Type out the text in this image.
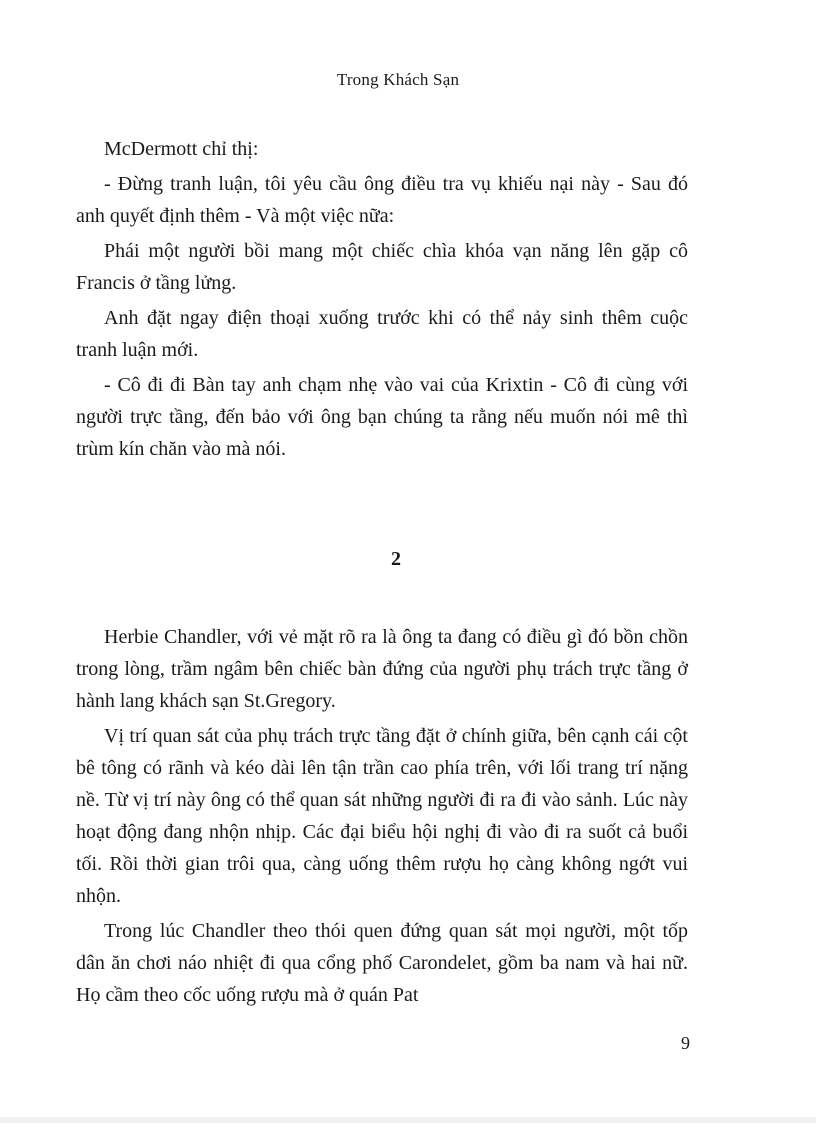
Trong Khách Sạn

McDermott chỉ thị:

- Đừng tranh luận, tôi yêu cầu ông điều tra vụ khiếu nại này - Sau đó anh quyết định thêm - Và một việc nữa:

Phái một người bồi mang một chiếc chìa khóa vạn năng lên gặp cô Francis ở tầng lửng.

Anh đặt ngay điện thoại xuống trước khi có thể nảy sinh thêm cuộc tranh luận mới.

- Cô đi đi Bàn tay anh chạm nhẹ vào vai của Krixtin - Cô đi cùng với người trực tầng, đến bảo với ông bạn chúng ta rằng nếu muốn nói mê thì trùm kín chăn vào mà nói.

2

Herbie Chandler, với vẻ mặt rõ ra là ông ta đang có điều gì đó bồn chồn trong lòng, trầm ngâm bên chiếc bàn đứng của người phụ trách trực tầng ở hành lang khách sạn St.Gregory.

Vị trí quan sát của phụ trách trực tầng đặt ở chính giữa, bên cạnh cái cột bê tông có rãnh và kéo dài lên tận trần cao phía trên, với lối trang trí nặng nề. Từ vị trí này ông có thể quan sát những người đi ra đi vào sảnh. Lúc này hoạt động đang nhộn nhịp. Các đại biểu hội nghị đi vào đi ra suốt cả buổi tối. Rồi thời gian trôi qua, càng uống thêm rượu họ càng không ngớt vui nhộn.

Trong lúc Chandler theo thói quen đứng quan sát mọi người, một tốp dân ăn chơi náo nhiệt đi qua cổng phố Carondelet, gồm ba nam và hai nữ. Họ cầm theo cốc uống rượu mà ở quán Pat

9
